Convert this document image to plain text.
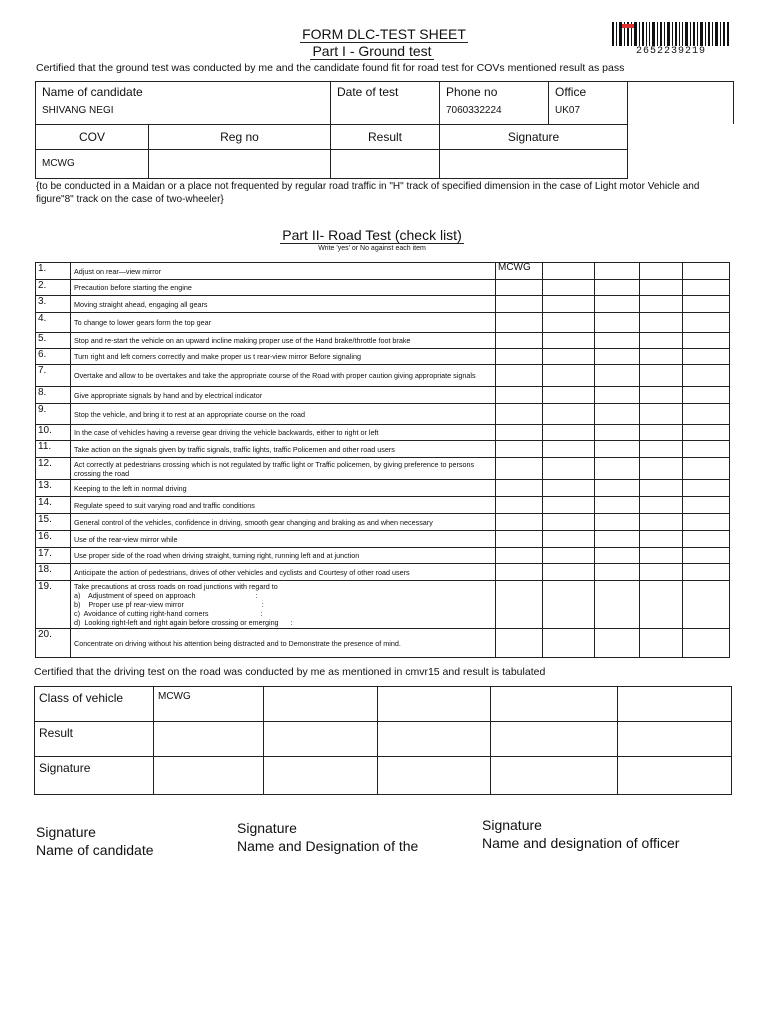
FORM DLC-TEST SHEET
Part I - Ground test	2652239219
Certified that the ground test was conducted by me and the candidate found fit for road test for COVs mentioned result as pass
Name of candidate		Date of test	Phone no	Office	
SHIVANG NEGI			7060332224	UK07	
COV	Reg no	Result	Signature		
MCWG					
{to be conducted in a Maidan or a place not frequented by regular road traffic in "H" track of specified dimension in the case of Light motor Vehicle and figure"8" track on the case of two-wheeler}
Part II- Road Test (check list)
Write 'yes' or No against each item
1.	Adjust on rear—view mirror	MCWG				
2.	Precaution before starting the engine					

3.	Moving straight ahead, engaging all gears					

4.	To change to lower gears form the top gear					

5.	Stop and re-start the vehicle on an upward incline making proper use of the Hand brake/throttle foot brake					

6.	Turn right and left corners correctly and make proper us t rear-view mirror Before signaling					

7.	Overtake and allow to be overtakes and take the appropriate course of the Road with proper caution giving appropriate signals					

8.	Give appropriate signals by hand and by electrical indicator					

9.	Stop the vehicle, and bring it to rest at an appropriate course on the road					

10.	In the case of vehicles having a reverse gear driving the vehicle backwards, either to right or left					

11.	Take action on the signals given by traffic signals, traffic lights, traffic Policemen and other road users					

12.	Act correctly at pedestrians crossing which is not regulated by traffic light or Traffic policemen, by giving preference to persons crossing the road					

13.	Keeping to the left in normal driving					

14.	Regulate speed to suit varying road and traffic conditions					

15.	General control of the vehicles, confidence in driving, smooth gear changing and braking as and when necessary					

16.	Use of the rear-view mirror while					

17.	Use proper side of the road when driving straight, turning right, running left and at junction					

18.	Anticipate the action of pedestrians, drives of other vehicles and cyclists and Courtesy of other road users					

19.	Take precautions at cross roads on road junctions with regard to
a)    Adjustment of speed on approach                              :
b)    Proper use pf rear-view mirror                                       :
c)  Avoidance of cutting right-hand corners                          :
d)  Looking right-left and right again before crossing or emerging      :					

20.	Concentrate on driving without his attention being distracted and to Demonstrate the presence of mind.					

Certified that the driving test on the road was conducted by me as mentioned in cmvr15 and result is tabulated
Class of vehicle	MCWG				
Result					
Signature					
Signature
Name of candidate
Signature
Name and Designation of the
Signature
Name and designation of officer
